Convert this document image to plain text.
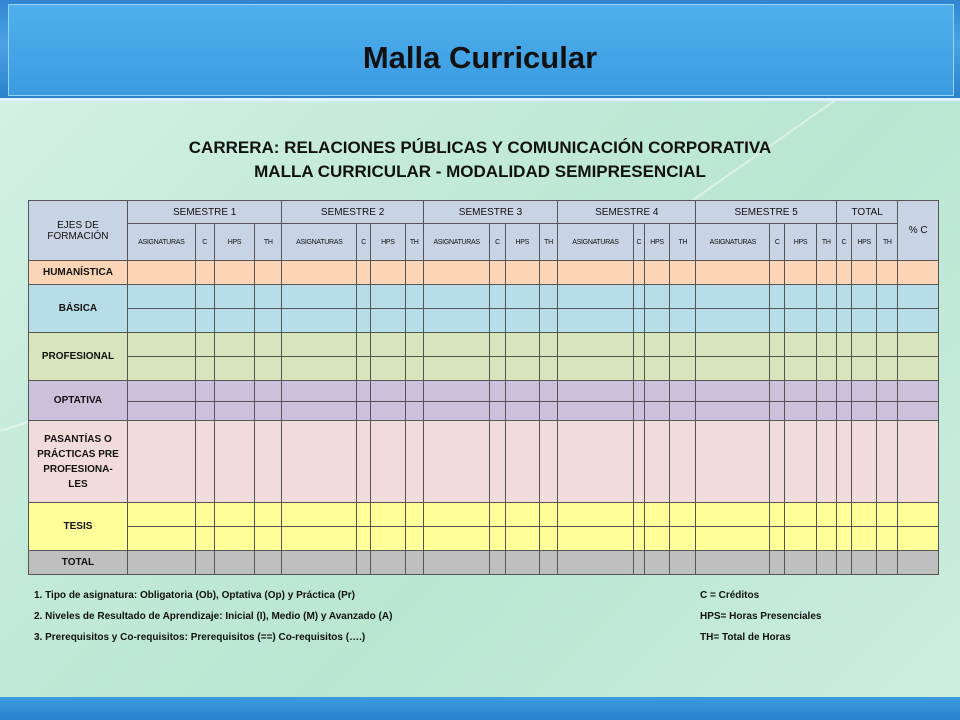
Malla Curricular
CARRERA: RELACIONES PÚBLICAS Y COMUNICACIÓN CORPORATIVA
MALLA CURRICULAR - MODALIDAD SEMIPRESENCIAL
EJES DE FORMACIÓN	SEMESTRE 1				SEMESTRE 2				SEMESTRE 3				SEMESTRE 4				SEMESTRE 5				TOTAL			% C
	ASIGNATURAS	C	HPS	TH	ASIGNATURAS	C	HPS	TH	ASIGNATURAS	C	HPS	TH	ASIGNATURAS	C	HPS	TH	ASIGNATURAS	C	HPS	TH	C	HPS	TH	
HUMANÍSTICA																								
BÁSICA																								

PROFESIONAL																								

OPTATIVA																								

PASANTÍAS O PRÁCTICAS PRE PROFESIONA- LES																								
TESIS																								

TOTAL																								
1. Tipo de asignatura: Obligatoria (Ob), Optativa (Op) y Práctica (Pr)
2. Niveles de Resultado de Aprendizaje: Inicial (I), Medio (M) y Avanzado (A)
3. Prerequisitos y Co-requisitos: Prerequisitos (==) Co-requisitos (….)
C = Créditos
HPS= Horas Presenciales
TH= Total de Horas
